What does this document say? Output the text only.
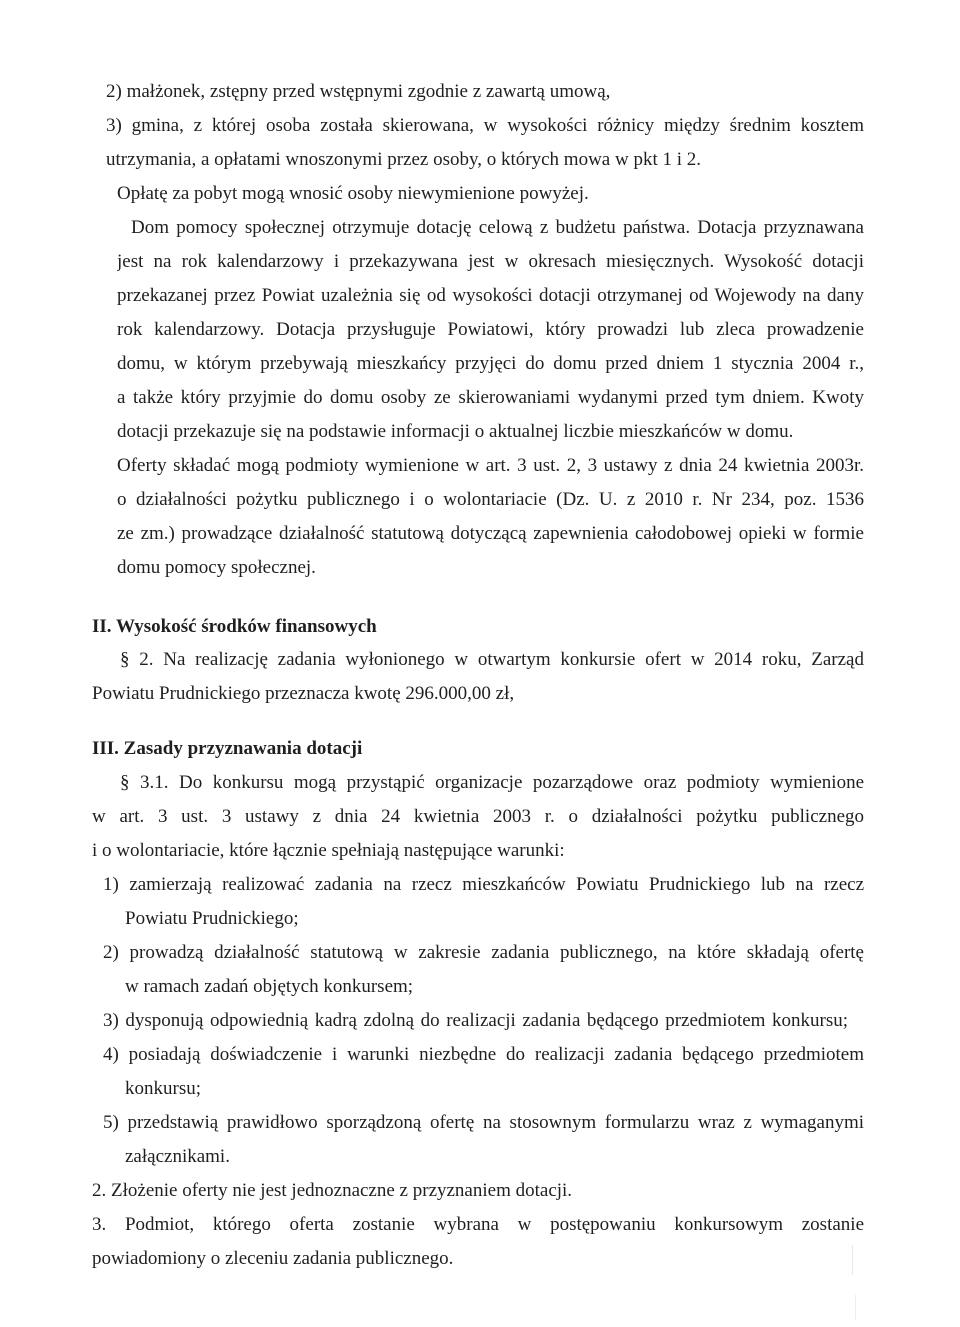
2) małżonek, zstępny przed wstępnymi zgodnie z zawartą umową,
3) gmina, z której osoba została skierowana, w wysokości różnicy między średnim kosztem
utrzymania, a opłatami wnoszonymi przez osoby, o których mowa w pkt 1 i 2.
Opłatę za pobyt mogą wnosić osoby niewymienione powyżej.
Dom pomocy społecznej otrzymuje dotację celową z budżetu państwa. Dotacja przyznawana
jest na rok kalendarzowy i przekazywana jest w okresach miesięcznych. Wysokość dotacji
przekazanej przez Powiat uzależnia się od wysokości dotacji otrzymanej od Wojewody na dany
rok kalendarzowy. Dotacja przysługuje Powiatowi, który prowadzi lub zleca prowadzenie
domu, w którym przebywają mieszkańcy przyjęci do domu przed dniem 1 stycznia 2004 r.,
a także który przyjmie do domu osoby ze skierowaniami wydanymi przed tym dniem. Kwoty
dotacji przekazuje się na podstawie informacji o aktualnej liczbie mieszkańców w domu.
Oferty składać mogą podmioty wymienione w art. 3 ust. 2, 3 ustawy z dnia 24 kwietnia 2003r.
o działalności pożytku publicznego i o wolontariacie (Dz. U. z 2010 r. Nr 234, poz. 1536
ze zm.) prowadzące działalność statutową dotyczącą zapewnienia całodobowej opieki w formie
domu pomocy społecznej.
II. Wysokość środków finansowych
§ 2. Na realizację zadania wyłonionego w otwartym konkursie ofert w 2014 roku, Zarząd
Powiatu Prudnickiego przeznacza kwotę 296.000,00 zł,
III. Zasady przyznawania dotacji
§ 3.1. Do konkursu mogą przystąpić organizacje pozarządowe oraz podmioty wymienione
w art. 3 ust. 3 ustawy z dnia 24 kwietnia 2003 r. o działalności pożytku publicznego
i o wolontariacie, które łącznie spełniają następujące warunki:
1) zamierzają realizować zadania na rzecz mieszkańców Powiatu Prudnickiego lub na rzecz
Powiatu Prudnickiego;
2) prowadzą działalność statutową w zakresie zadania publicznego, na które składają ofertę
w ramach zadań objętych konkursem;
3) dysponują odpowiednią kadrą zdolną do realizacji zadania będącego przedmiotem konkursu;
4) posiadają doświadczenie i warunki niezbędne do realizacji zadania będącego przedmiotem
konkursu;
5) przedstawią prawidłowo sporządzoną ofertę na stosownym formularzu wraz z wymaganymi
załącznikami.
2. Złożenie oferty nie jest jednoznaczne z przyznaniem dotacji.
3. Podmiot, którego oferta zostanie wybrana w postępowaniu konkursowym zostanie
powiadomiony o zleceniu zadania publicznego.
